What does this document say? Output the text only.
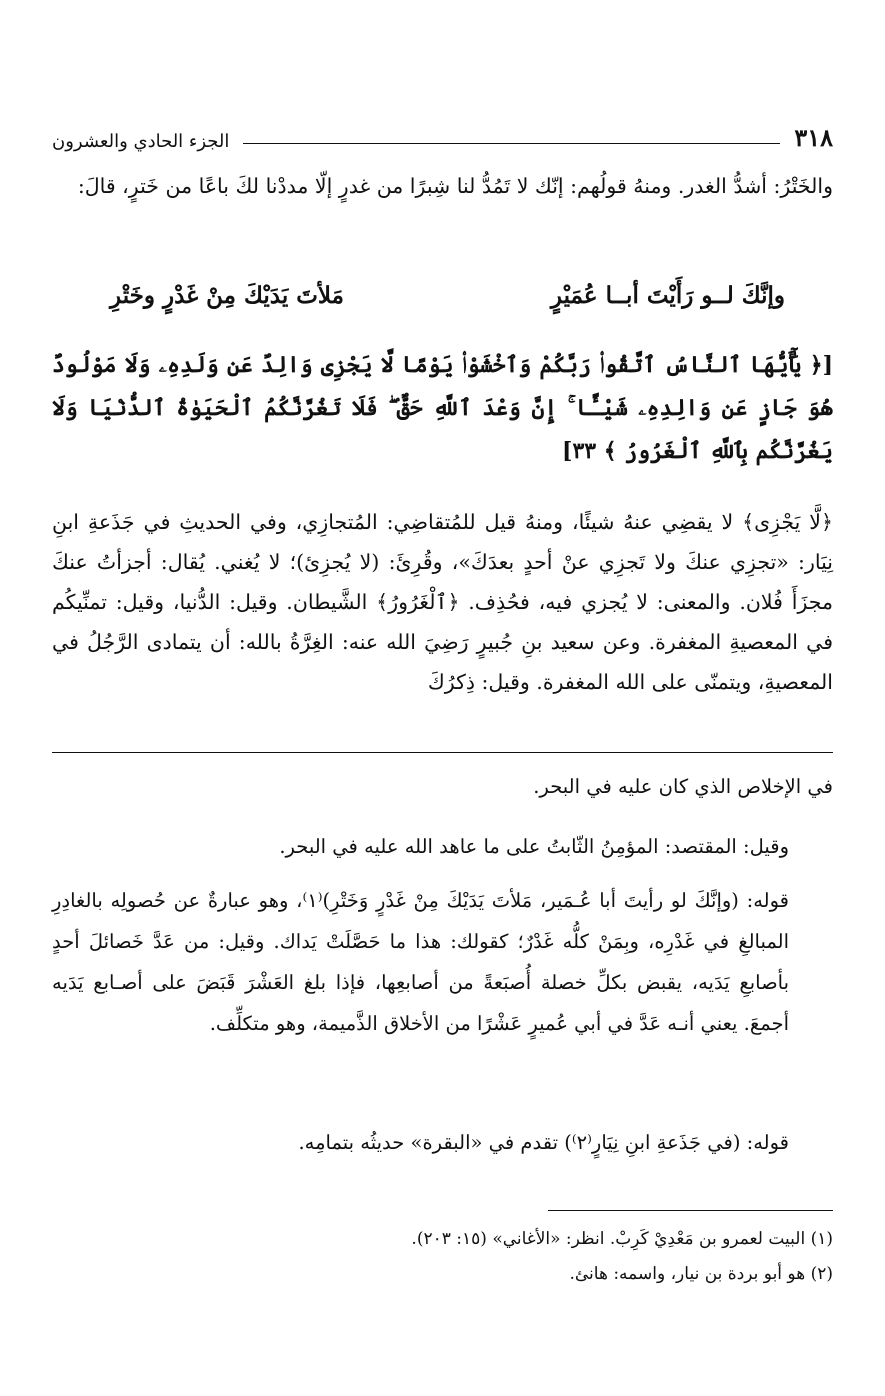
٣١٨
الجزء الحادي والعشرون

والخَتْرُ: أشدُّ الغدر. ومنهُ قولُهم: إنّك لا تَمُدُّ لنا شِبرًا من غدرٍ إلّا مددْنا لكَ باعًا من خَترٍ، قالَ:

وإنَّكَ لــو رَأَيْتَ أبــا عُمَيْرٍ
مَلأتَ يَدَيْكَ مِنْ غَدْرٍ وخَتْرِ

[﴿ يَٰٓأَيُّهَا ٱلنَّاسُ ٱتَّقُوا۟ رَبَّكُمْ وَٱخْشَوْا۟ يَوْمًا لَّا يَجْزِى وَالِدٌ عَن وَلَدِهِۦ وَلَا مَوْلُودٌ هُوَ جَازٍ عَن وَالِدِهِۦ شَيْـًٔا ۚ إِنَّ وَعْدَ ٱللَّهِ حَقٌّ ۖ فَلَا تَغُرَّنَّكُمُ ٱلْحَيَوٰةُ ٱلدُّنْيَا وَلَا يَغُرَّنَّكُم بِٱللَّهِ ٱلْغَرُورُ ﴾ ٣٣]

﴿لَّا يَجْزِى﴾ لا يقضِي عنهُ شيئًا، ومنهُ قيل للمُتقاضِي: المُتجازِي، وفي الحديثِ في جَذَعةِ ابنِ نِيَار: «تجزِي عنكَ ولا تَجزِي عنْ أحدٍ بعدَكَ»، وقُرِئَ: (لا يُجزِئ)؛ لا يُغني. يُقال: أجزأتُ عنكَ مجزَأَ فُلان. والمعنى: لا يُجزي فيه، فحُذِف. ﴿ٱلْغَرُورُ﴾ الشَّيطان. وقيل: الدُّنيا، وقيل: تمنِّيكُم في المعصيةِ المغفرة. وعن سعيد بنِ جُبيرٍ رَضِيَ الله عنه: الغِرَّةُ بالله: أن يتمادى الرَّجُلُ في المعصيةِ، ويتمنّى على الله المغفرة. وقيل: ذِكرُكَ

في الإخلاص الذي كان عليه في البحر.

وقيل: المقتصد: المؤمِنُ الثّابتُ على ما عاهد الله عليه في البحر.

قوله: (وإنَّكَ لو رأيتَ أبا عُـمَير، مَلأتَ يَدَيْكَ مِنْ غَدْرٍ وَخَتْرِ)⁽١⁾، وهو عبارةٌ عن حُصولِه بالغادِرِ المبالغِ في غَدْرِه، وبِمَنْ كلُّه غَدْرٌ؛ كقولك: هذا ما حَصَّلَتْ يَداك. وقيل: من عَدَّ خَصائلَ أحدٍ بأصابعِ يَدَيه، يقبض بكلِّ خصلة أُصبَعةً من أصابعِها، فإذا بلغ العَشْرَ قَبَضَ على أصـابع يَدَيه أجمعَ. يعني أنـه عَدَّ في أبي عُميرٍ عَشْرًا من الأخلاق الذَّميمة، وهو متكلِّف.

قوله: (في جَذَعةِ ابنِ نِيَارٍ⁽٢⁾) تقدم في «البقرة» حديثُه بتمامِه.

(١) البيت لعمرو بن مَعْدِيْ كَرِبْ. انظر: «الأغاني» (١٥: ٢٠٣).

(٢) هو أبو بردة بن نيار، واسمه: هانئ.
